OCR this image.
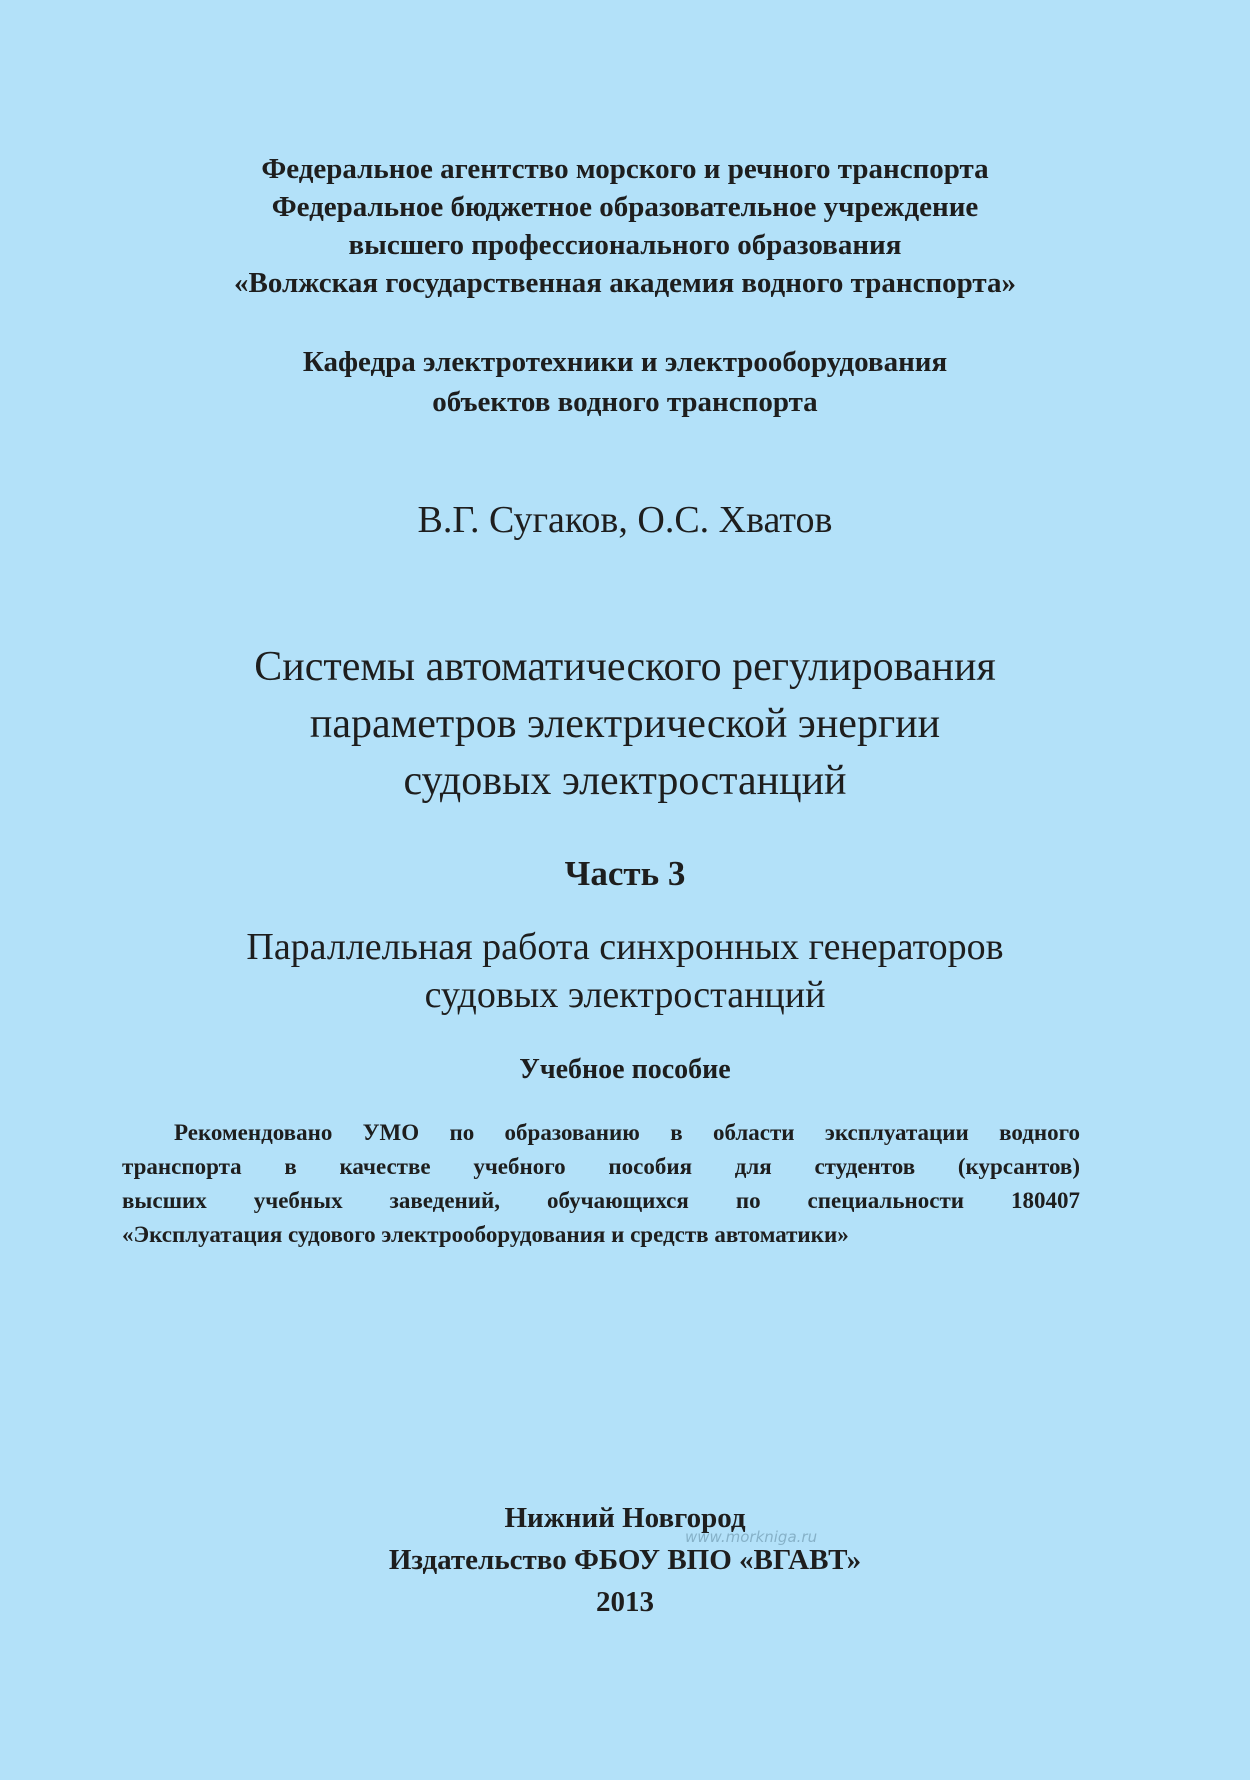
Федеральное агентство морского и речного транспорта
Федеральное бюджетное образовательное учреждение
высшего профессионального образования
«Волжская государственная академия водного транспорта»
Кафедра электротехники и электрооборудования
объектов водного транспорта
В.Г. Сугаков, О.С. Хватов
Системы автоматического регулирования
параметров электрической энергии
судовых электростанций
Часть 3
Параллельная работа синхронных генераторов
судовых электростанций
Учебное пособие
Рекомендовано УМО по образованию в области эксплуатации водного
транспорта в качестве учебного пособия для студентов (курсантов)
высших учебных заведений, обучающихся по специальности 180407
«Эксплуатация судового электрооборудования и средств автоматики»
Нижний Новгород
Издательство ФБОУ ВПО «ВГАВТ»
2013
www.morkniga.ru
